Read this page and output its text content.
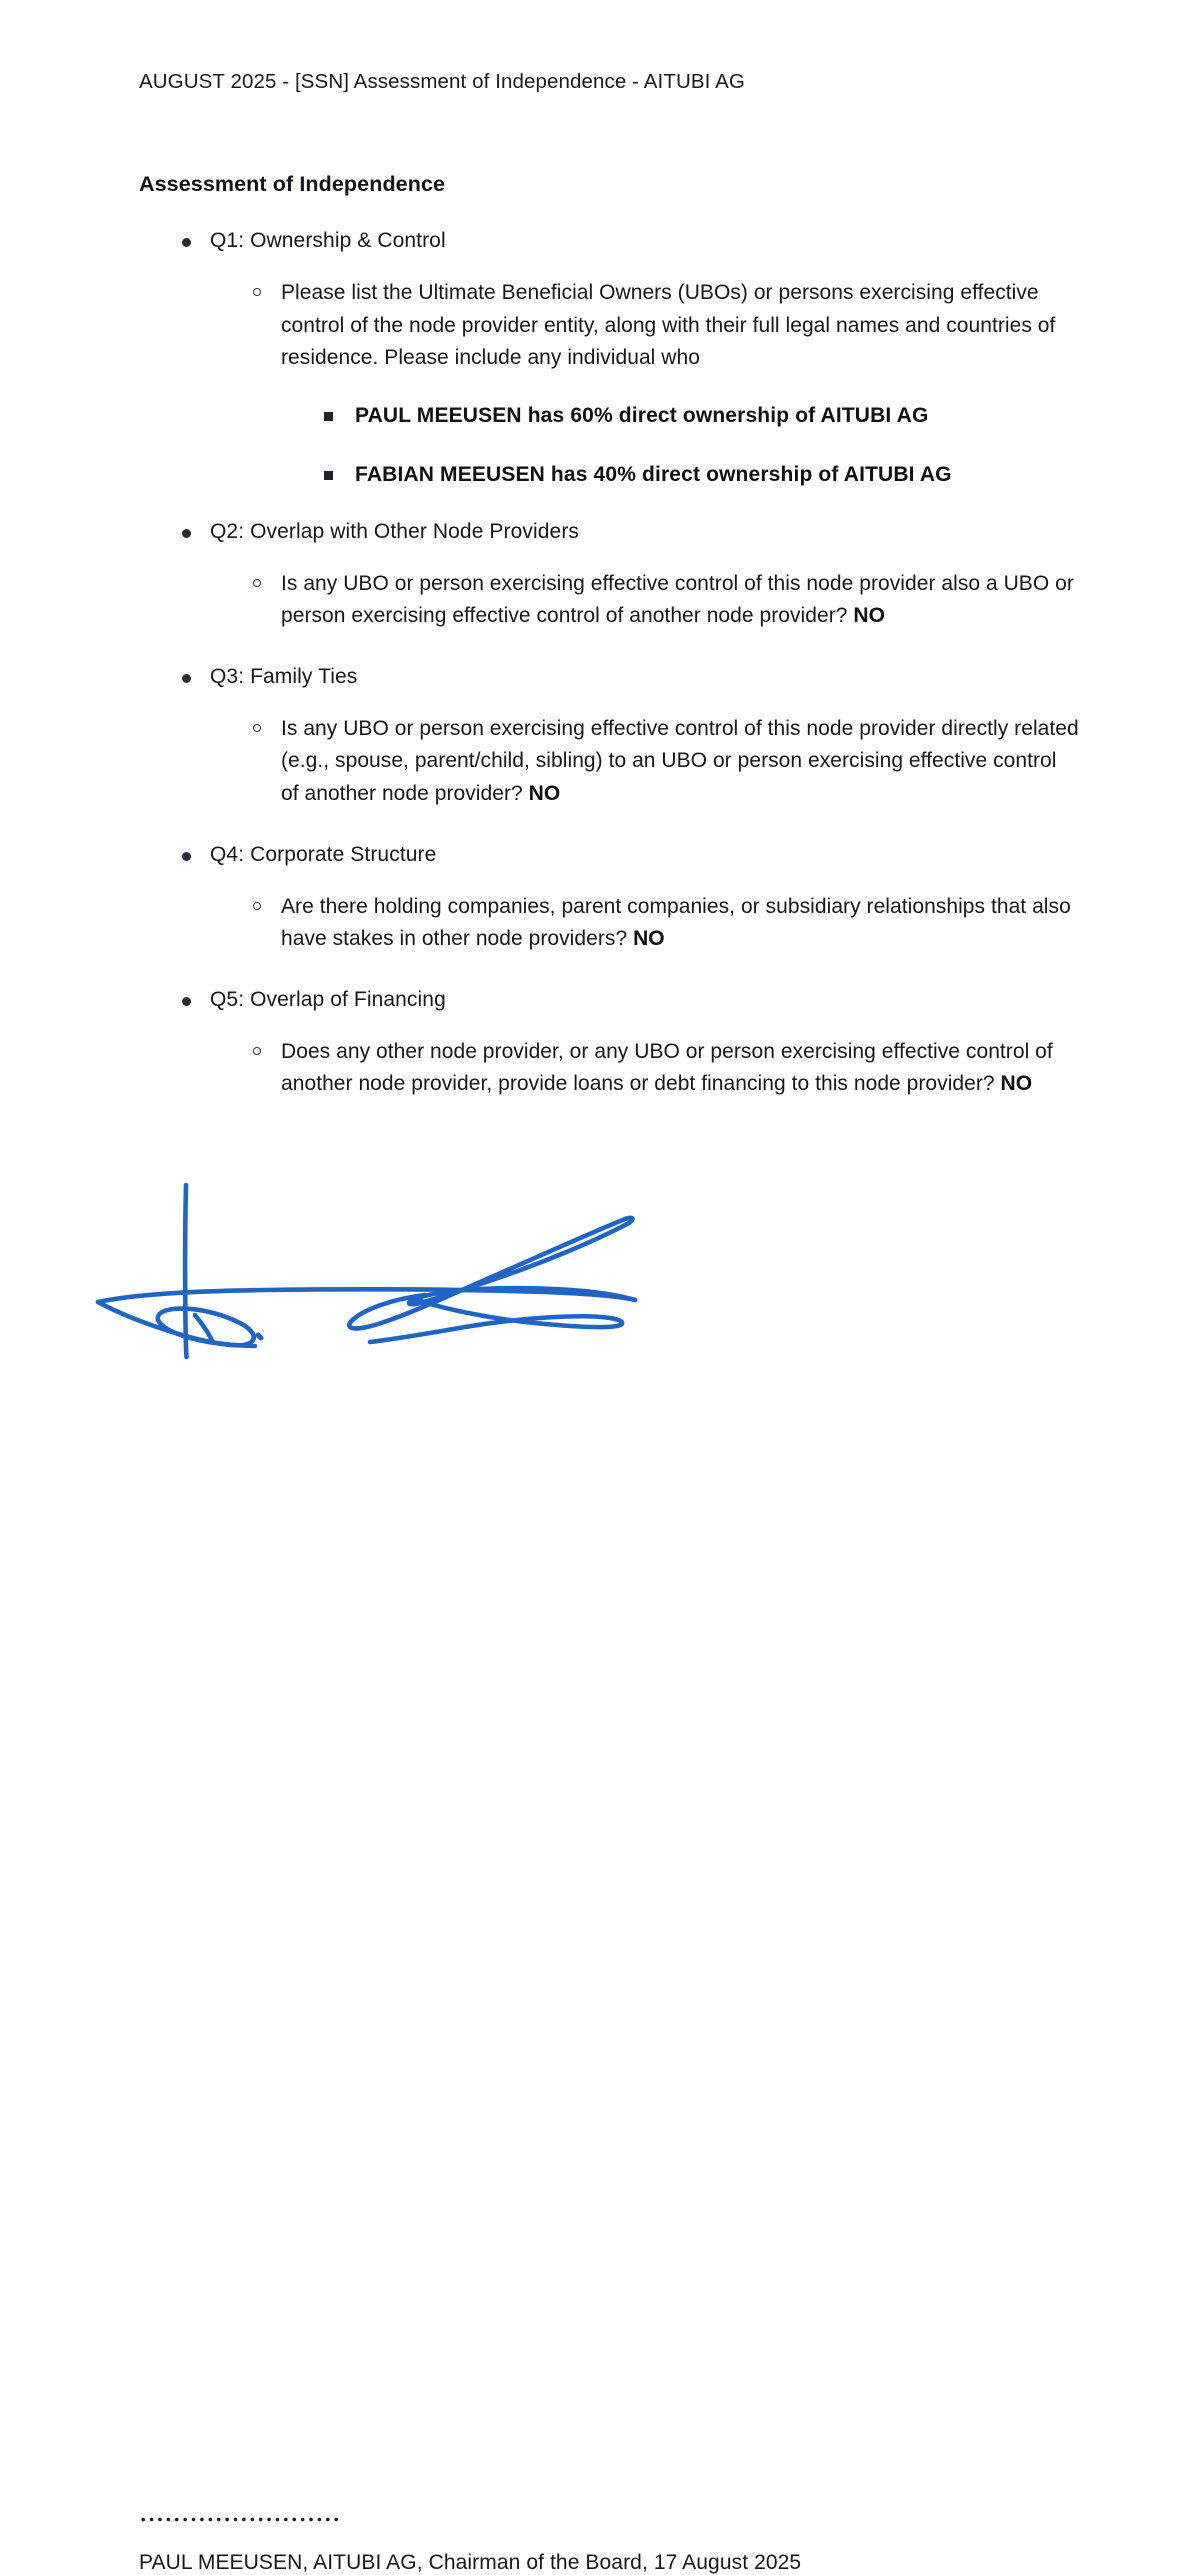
AUGUST 2025 - [SSN] Assessment of Independence - AITUBI AG
Assessment of Independence
Q1: Ownership & Control
Please list the Ultimate Beneficial Owners (UBOs) or persons exercising effective control of the node provider entity, along with their full legal names and countries of residence. Please include any individual who
PAUL MEEUSEN has 60% direct ownership of AITUBI AG
FABIAN MEEUSEN has 40% direct ownership of AITUBI AG
Q2: Overlap with Other Node Providers
Is any UBO or person exercising effective control of this node provider also a UBO or person exercising effective control of another node provider? NO
Q3: Family Ties
Is any UBO or person exercising effective control of this node provider directly related (e.g., spouse, parent/child, sibling) to an UBO or person exercising effective control of another node provider? NO
Q4: Corporate Structure
Are there holding companies, parent companies, or subsidiary relationships that also have stakes in other node providers? NO
Q5: Overlap of Financing
Does any other node provider, or any UBO or person exercising effective control of another node provider, provide loans or debt financing to this node provider? NO
PAUL MEEUSEN, AITUBI AG, Chairman of the Board, 17 August 2025
